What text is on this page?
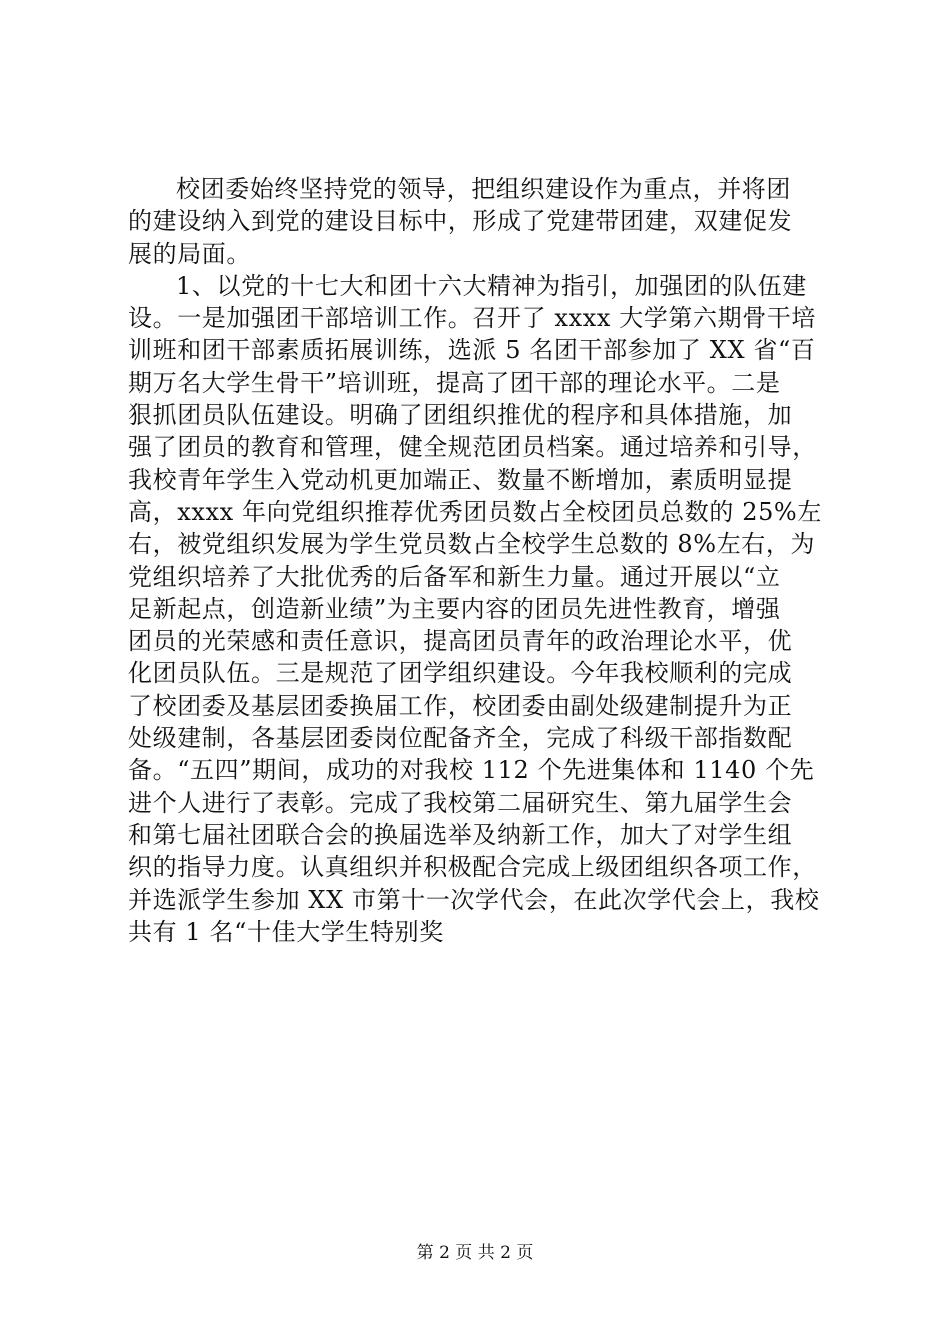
校团委始终坚持党的领导，把组织建设作为重点，并将团
的建设纳入到党的建设目标中，形成了党建带团建，双建促发
展的局面。
1、以党的十七大和团十六大精神为指引，加强团的队伍建
设。一是加强团干部培训工作。召开了 xxxx 大学第六期骨干培
训班和团干部素质拓展训练，选派 5 名团干部参加了 XX 省“百
期万名大学生骨干”培训班，提高了团干部的理论水平。二是
狠抓团员队伍建设。明确了团组织推优的程序和具体措施，加
强了团员的教育和管理，健全规范团员档案。通过培养和引导，
我校青年学生入党动机更加端正、数量不断增加，素质明显提
高，xxxx 年向党组织推荐优秀团员数占全校团员总数的 25%左
右，被党组织发展为学生党员数占全校学生总数的 8%左右，为
党组织培养了大批优秀的后备军和新生力量。通过开展以“立
足新起点，创造新业绩”为主要内容的团员先进性教育，增强
团员的光荣感和责任意识，提高团员青年的政治理论水平，优
化团员队伍。三是规范了团学组织建设。今年我校顺利的完成
了校团委及基层团委换届工作，校团委由副处级建制提升为正
处级建制，各基层团委岗位配备齐全，完成了科级干部指数配
备。“五四”期间，成功的对我校 112 个先进集体和 1140 个先
进个人进行了表彰。完成了我校第二届研究生、第九届学生会
和第七届社团联合会的换届选举及纳新工作，加大了对学生组
织的指导力度。认真组织并积极配合完成上级团组织各项工作，
并选派学生参加 XX 市第十一次学代会，在此次学代会上，我校
共有 1 名“十佳大学生特别奖
第 2 页 共 2 页
